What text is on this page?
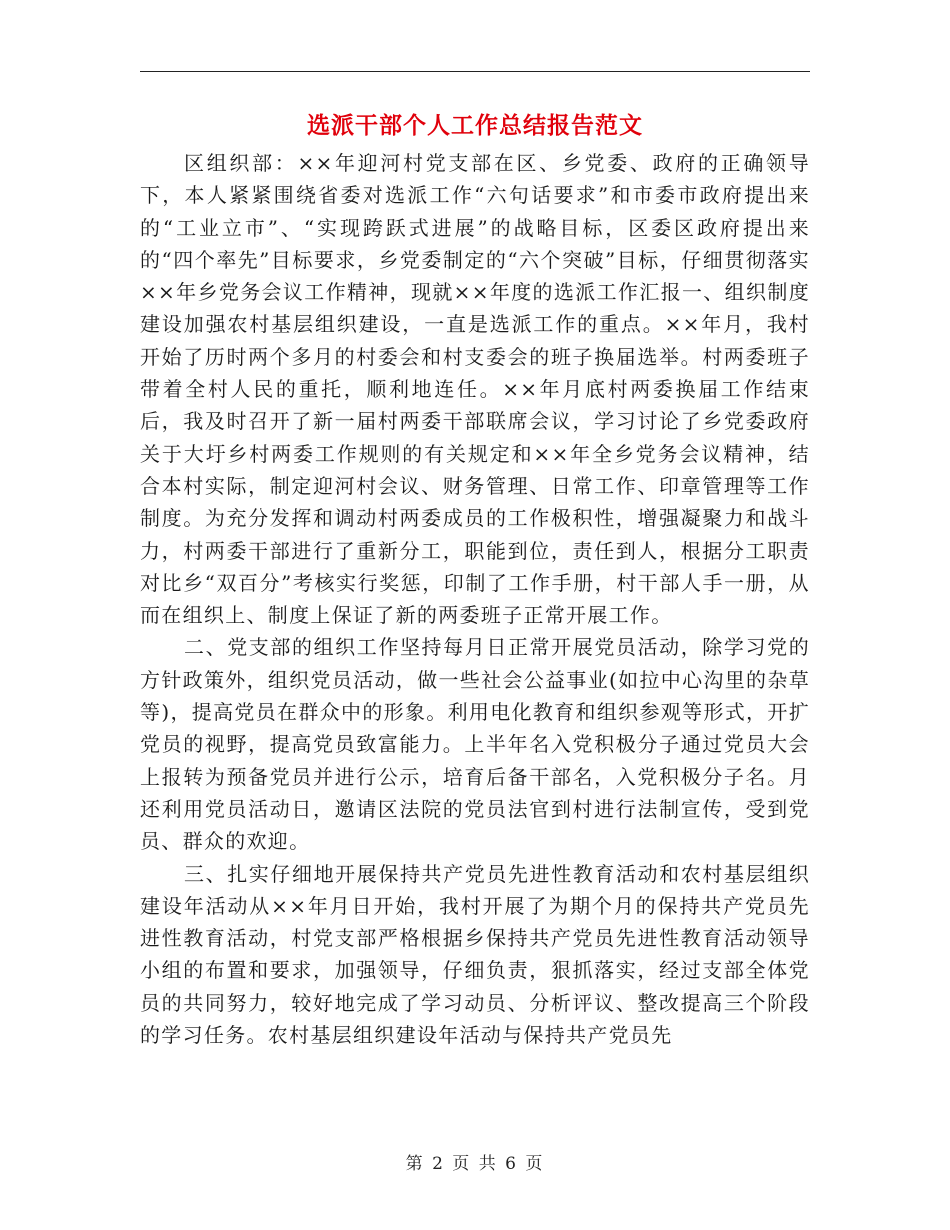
选派干部个人工作总结报告范文

区组织部：××年迎河村党支部在区、乡党委、政府的正确领导下，本人紧紧围绕省委对选派工作“六句话要求”和市委市政府提出来的“工业立市”、“实现跨跃式进展”的战略目标，区委区政府提出来的“四个率先”目标要求，乡党委制定的“六个突破”目标，仔细贯彻落实××年乡党务会议工作精神，现就××年度的选派工作汇报一、组织制度建设加强农村基层组织建设，一直是选派工作的重点。××年月，我村开始了历时两个多月的村委会和村支委会的班子换届选举。村两委班子带着全村人民的重托，顺利地连任。××年月底村两委换届工作结束后，我及时召开了新一届村两委干部联席会议，学习讨论了乡党委政府关于大圩乡村两委工作规则的有关规定和××年全乡党务会议精神，结合本村实际，制定迎河村会议、财务管理、日常工作、印章管理等工作制度。为充分发挥和调动村两委成员的工作极积性，增强凝聚力和战斗力，村两委干部进行了重新分工，职能到位，责任到人，根据分工职责对比乡“双百分”考核实行奖惩，印制了工作手册，村干部人手一册，从而在组织上、制度上保证了新的两委班子正常开展工作。

二、党支部的组织工作坚持每月日正常开展党员活动，除学习党的方针政策外，组织党员活动，做一些社会公益事业(如拉中心沟里的杂草等)，提高党员在群众中的形象。利用电化教育和组织参观等形式，开扩党员的视野，提高党员致富能力。上半年名入党积极分子通过党员大会上报转为预备党员并进行公示，培育后备干部名，入党积极分子名。月还利用党员活动日，邀请区法院的党员法官到村进行法制宣传，受到党员、群众的欢迎。

三、扎实仔细地开展保持共产党员先进性教育活动和农村基层组织建设年活动从××年月日开始，我村开展了为期个月的保持共产党员先进性教育活动，村党支部严格根据乡保持共产党员先进性教育活动领导小组的布置和要求，加强领导，仔细负责，狠抓落实，经过支部全体党员的共同努力，较好地完成了学习动员、分析评议、整改提高三个阶段的学习任务。农村基层组织建设年活动与保持共产党员先

第 2 页 共 6 页
